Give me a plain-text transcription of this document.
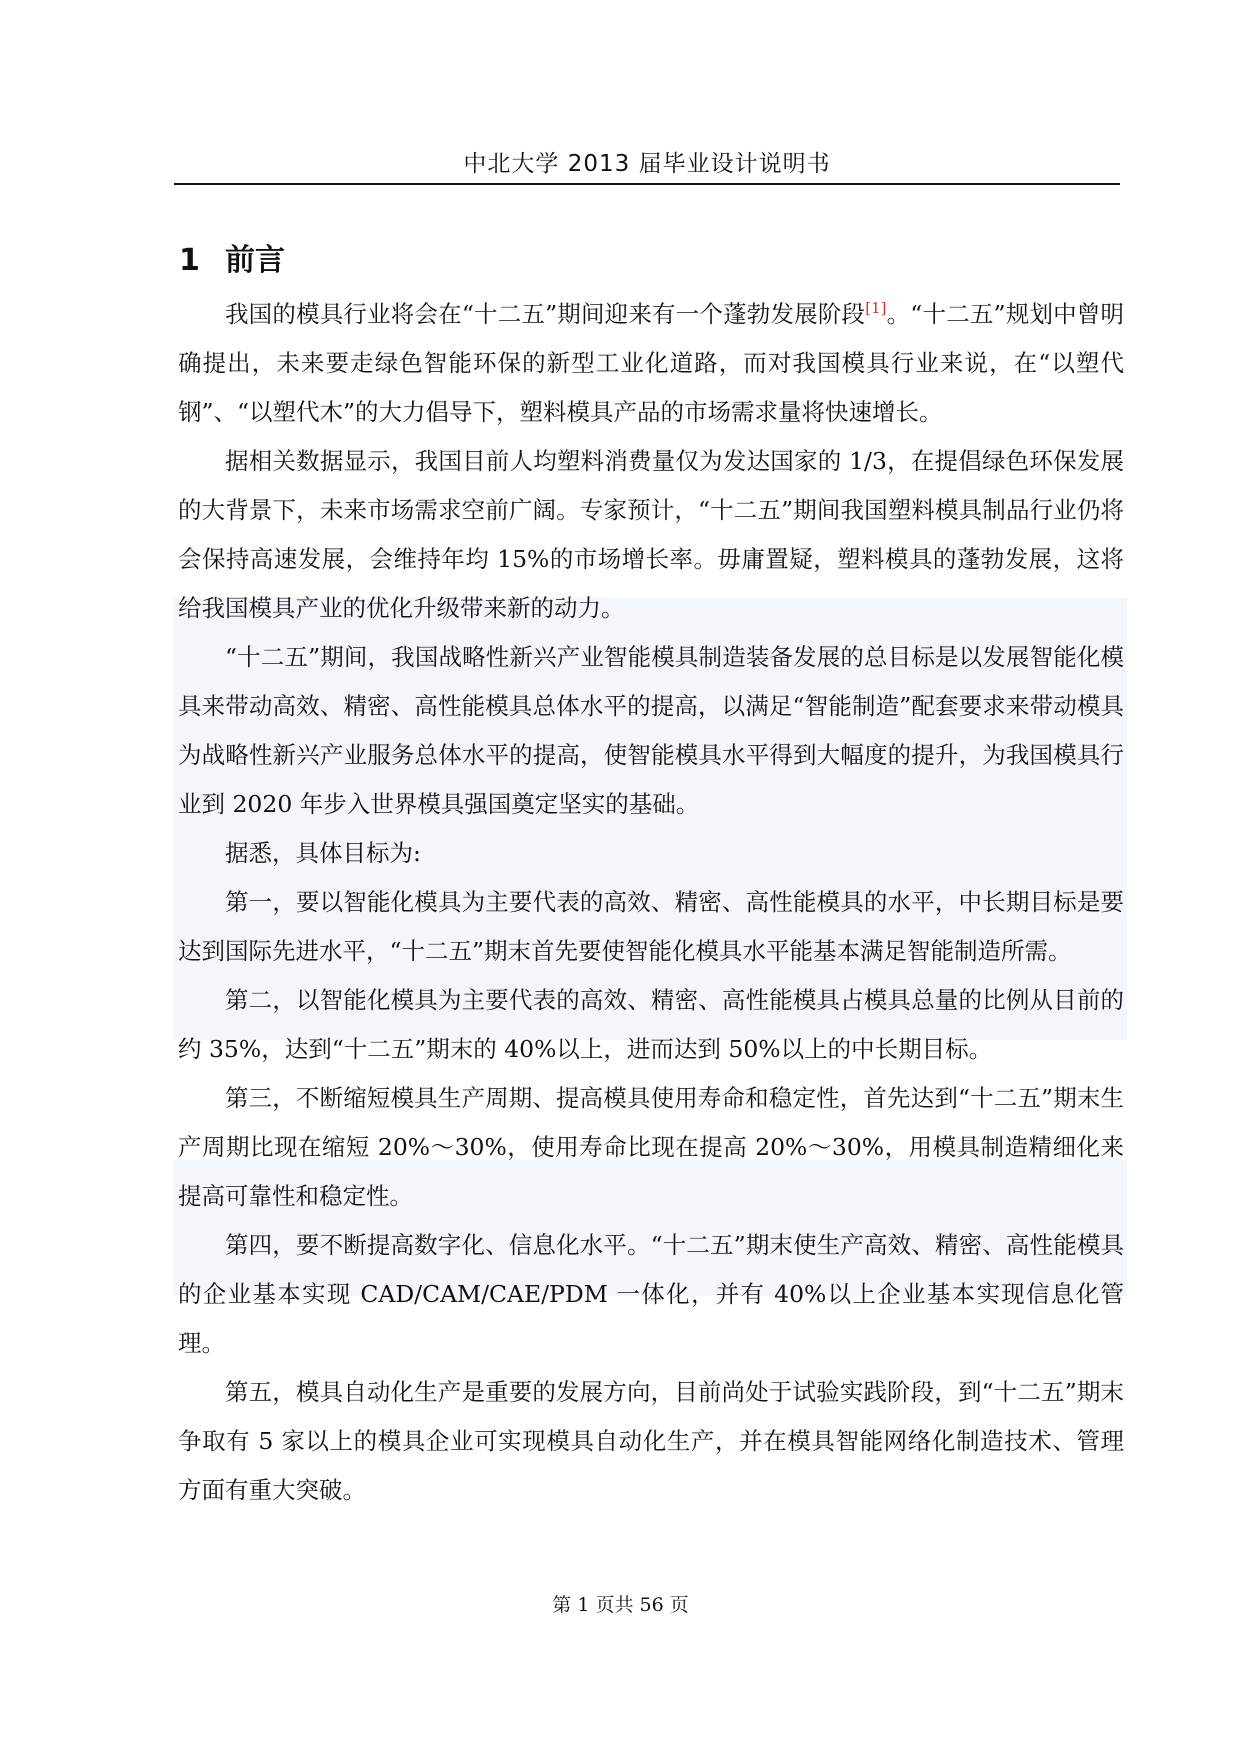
中北大学 2013 届毕业设计说明书
1 前言

我国的模具行业将会在“十二五”期间迎来有一个蓬勃发展阶段[1]。“十二五”规划中曾明确提出，未来要走绿色智能环保的新型工业化道路，而对我国模具行业来说，在“以塑代钢”、“以塑代木”的大力倡导下，塑料模具产品的市场需求量将快速增长。

据相关数据显示，我国目前人均塑料消费量仅为发达国家的 1/3，在提倡绿色环保发展的大背景下，未来市场需求空前广阔。专家预计，“十二五”期间我国塑料模具制品行业仍将会保持高速发展，会维持年均 15%的市场增长率。毋庸置疑，塑料模具的蓬勃发展，这将给我国模具产业的优化升级带来新的动力。

“十二五”期间，我国战略性新兴产业智能模具制造装备发展的总目标是以发展智能化模具来带动高效、精密、高性能模具总体水平的提高，以满足“智能制造”配套要求来带动模具为战略性新兴产业服务总体水平的提高，使智能模具水平得到大幅度的提升，为我国模具行业到 2020 年步入世界模具强国奠定坚实的基础。

据悉，具体目标为:

第一，要以智能化模具为主要代表的高效、精密、高性能模具的水平，中长期目标是要达到国际先进水平，“十二五”期末首先要使智能化模具水平能基本满足智能制造所需。

第二，以智能化模具为主要代表的高效、精密、高性能模具占模具总量的比例从目前的约 35%，达到“十二五”期末的 40%以上，进而达到 50%以上的中长期目标。

第三，不断缩短模具生产周期、提高模具使用寿命和稳定性，首先达到“十二五”期末生产周期比现在缩短 20%～30%，使用寿命比现在提高 20%～30%，用模具制造精细化来提高可靠性和稳定性。

第四，要不断提高数字化、信息化水平。“十二五”期末使生产高效、精密、高性能模具的企业基本实现 CAD/CAM/CAE/PDM 一体化，并有 40%以上企业基本实现信息化管理。

第五，模具自动化生产是重要的发展方向，目前尚处于试验实践阶段，到“十二五”期末争取有 5 家以上的模具企业可实现模具自动化生产，并在模具智能网络化制造技术、管理方面有重大突破。

第 1 页共 56 页
